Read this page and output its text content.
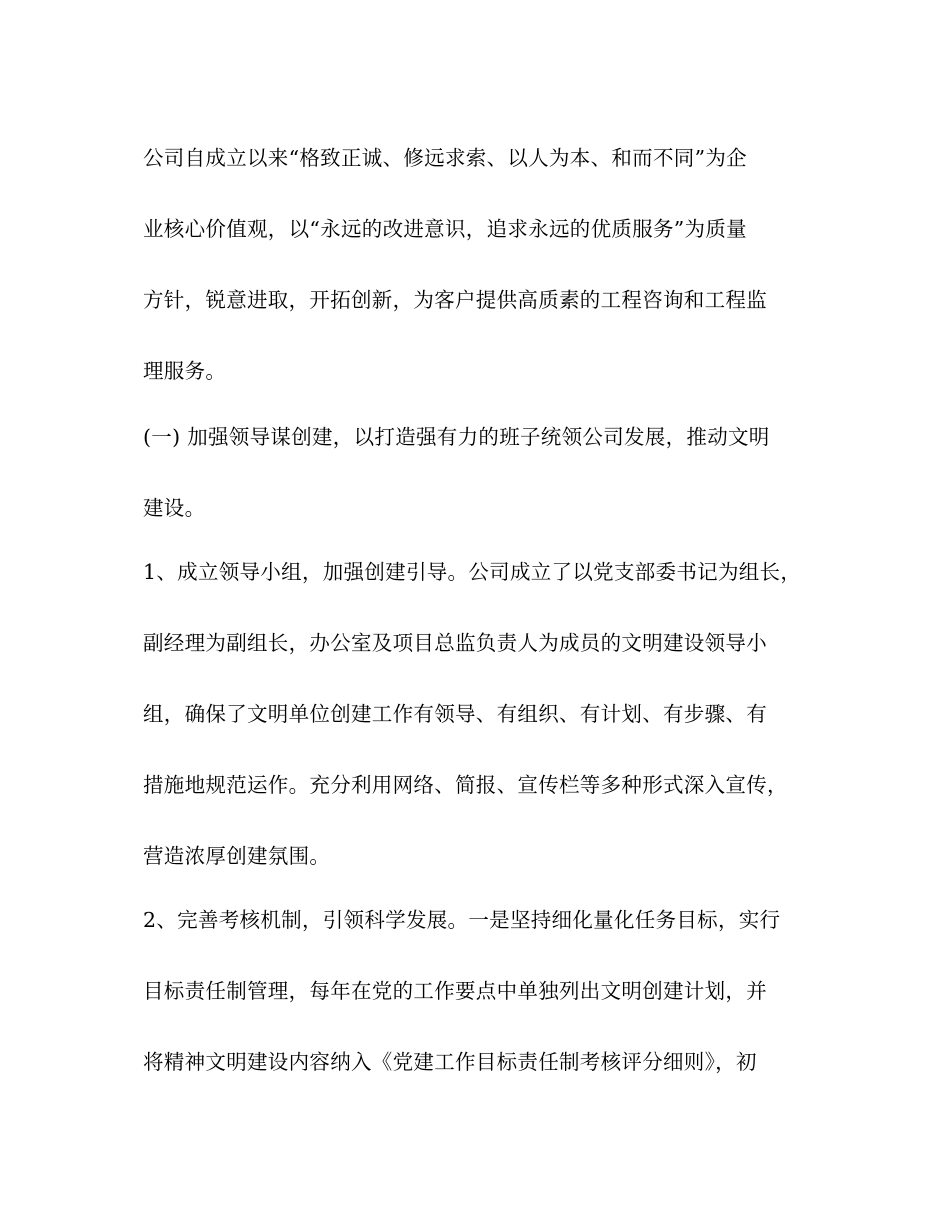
公司自成立以来“格致正诚、修远求索、以人为本、和而不同”为企
业核心价值观，以“永远的改进意识，追求永远的优质服务”为质量
方针，锐意进取，开拓创新，为客户提供高质素的工程咨询和工程监
理服务。
(一) 加强领导谋创建，以打造强有力的班子统领公司发展，推动文明
建设。
1、成立领导小组，加强创建引导。公司成立了以党支部委书记为组长，
副经理为副组长，办公室及项目总监负责人为成员的文明建设领导小
组，确保了文明单位创建工作有领导、有组织、有计划、有步骤、有
措施地规范运作。充分利用网络、简报、宣传栏等多种形式深入宣传，
营造浓厚创建氛围。
2、完善考核机制，引领科学发展。一是坚持细化量化任务目标，实行
目标责任制管理，每年在党的工作要点中单独列出文明创建计划，并
将精神文明建设内容纳入《党建工作目标责任制考核评分细则》，初
